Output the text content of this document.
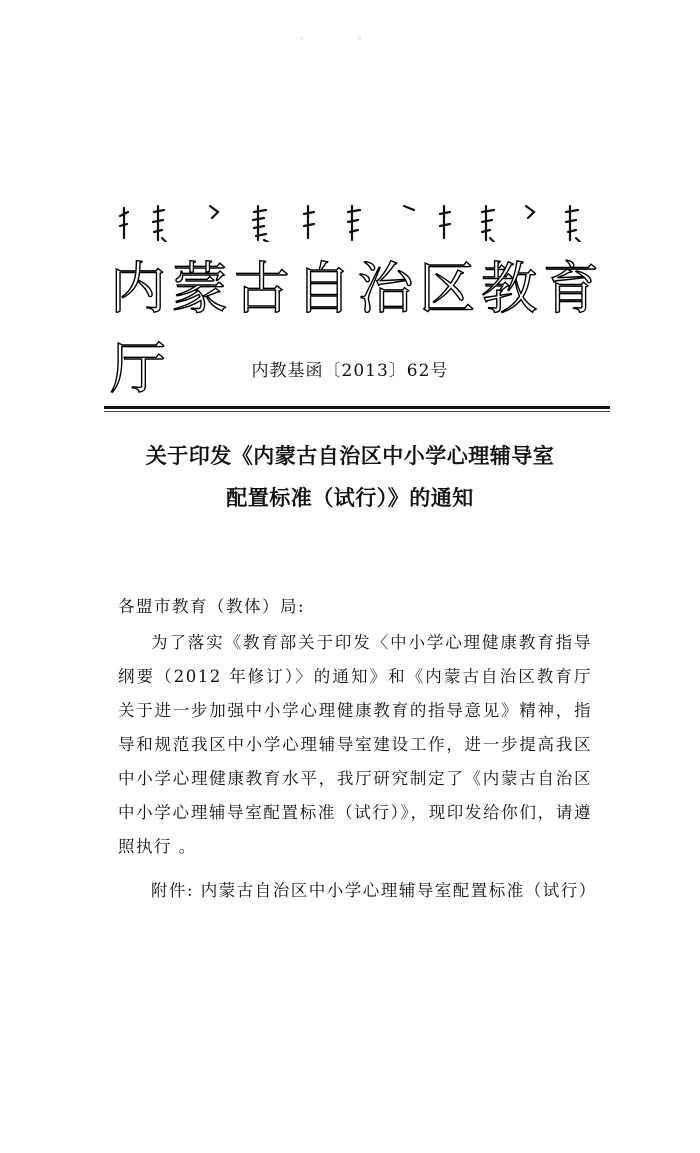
· ·
内蒙古自治区教育厅	内教基函〔2013〕62号
关于印发《内蒙古自治区中小学心理辅导室
配置标准（试行）》的通知
各盟市教育（教体）局:
为了落实《教育部关于印发〈中小学心理健康教育指导纲要（2012 年修订）〉的通知》和《内蒙古自治区教育厅关于进一步加强中小学心理健康教育的指导意见》精神，指导和规范我区中小学心理辅导室建设工作，进一步提高我区中小学心理健康教育水平，我厅研究制定了《内蒙古自治区中小学心理辅导室配置标准（试行）》，现印发给你们，请遵照执行 。
附件: 内蒙古自治区中小学心理辅导室配置标准（试行）
